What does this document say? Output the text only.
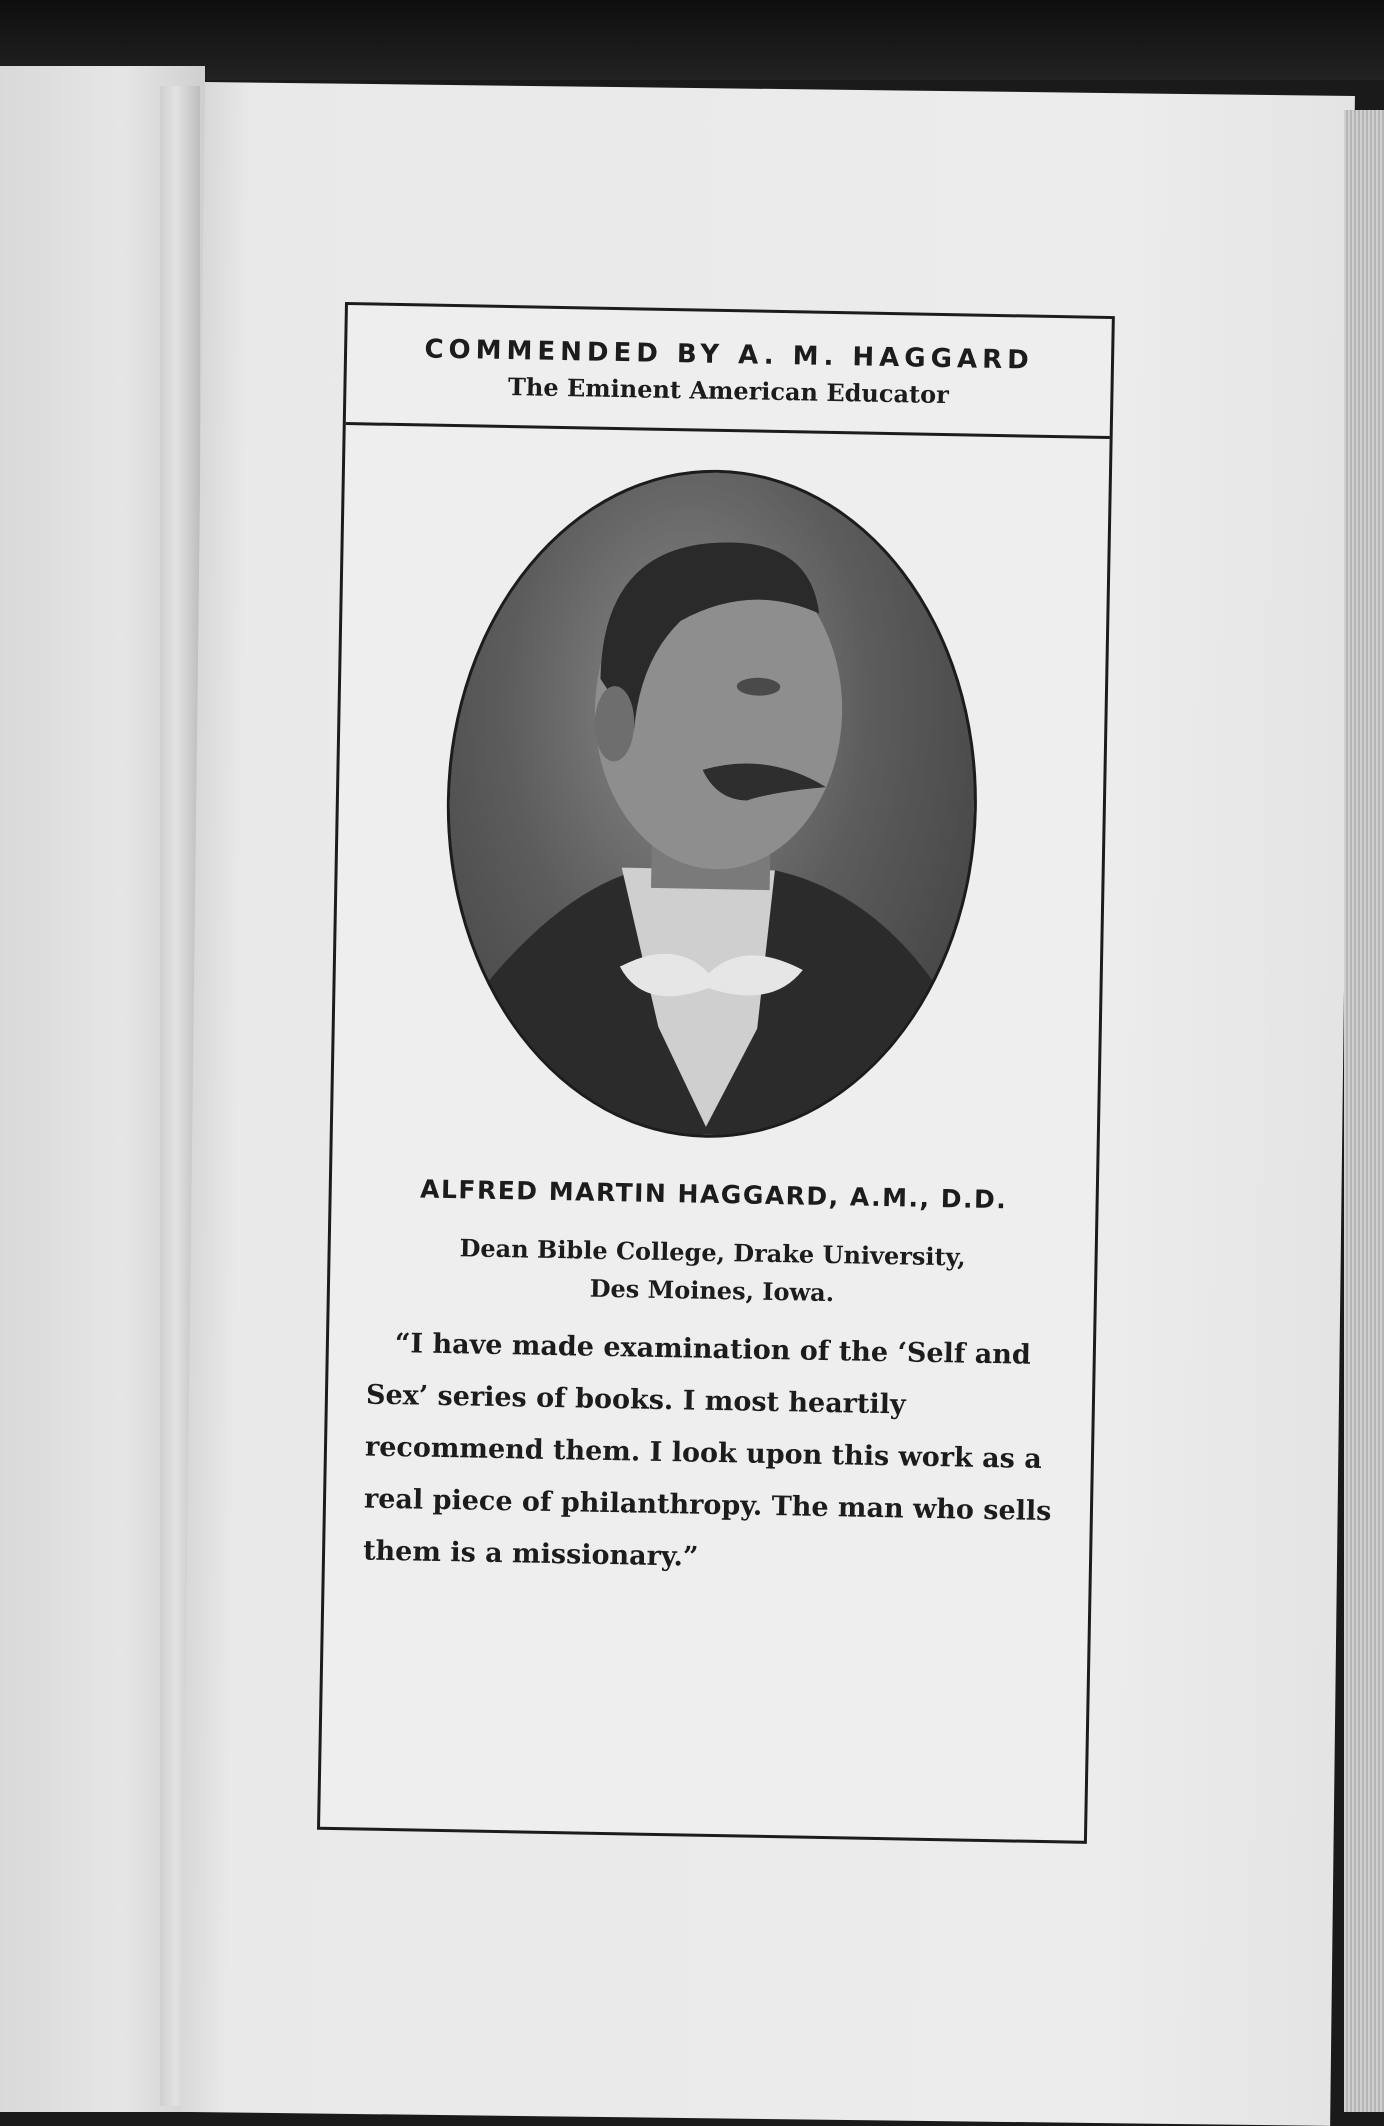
COMMENDED BY A. M. HAGGARD
The Eminent American Educator
ALFRED MARTIN HAGGARD, A.M., D.D.
Dean Bible College, Drake University,
Des Moines, Iowa.
“I have made examination of the ‘Self and Sex’ series of books. I most heartily recommend them. I look upon this work as a real piece of philanthropy. The man who sells them is a missionary.”
